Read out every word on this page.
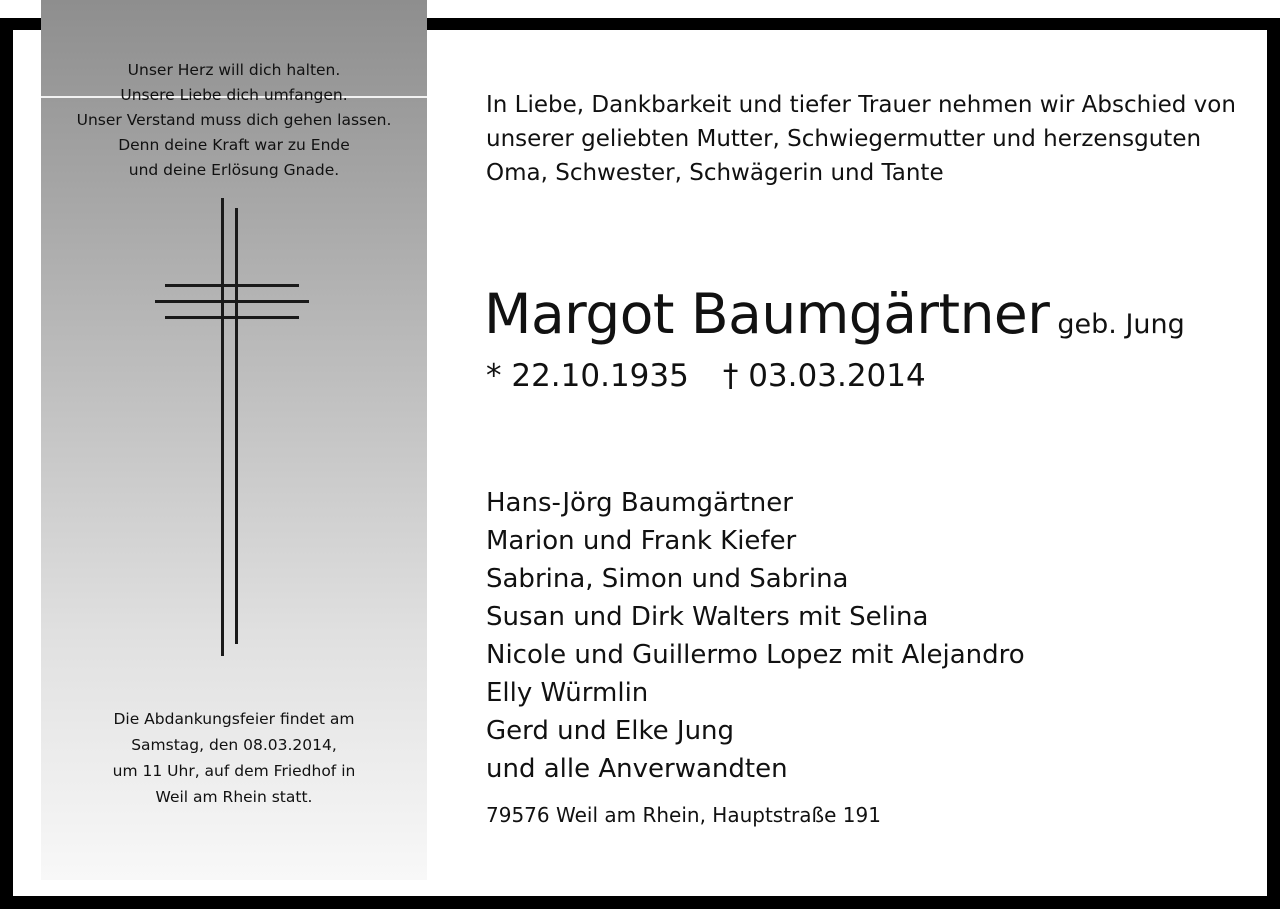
Unser Herz will dich halten.
Unsere Liebe dich umfangen.
Unser Verstand muss dich gehen lassen.
Denn deine Kraft war zu Ende
und deine Erlösung Gnade.
Die Abdankungsfeier findet am
Samstag, den 08.03.2014,
um 11 Uhr, auf dem Friedhof in
Weil am Rhein statt.
In Liebe, Dankbarkeit und tiefer Trauer nehmen wir Abschied von unserer geliebten Mutter, Schwiegermutter und herzensguten Oma, Schwester, Schwägerin und Tante
Margot Baumgärtner geb. Jung
* 22.10.1935 † 03.03.2014
Hans-Jörg Baumgärtner
Marion und Frank Kiefer
Sabrina, Simon und Sabrina
Susan und Dirk Walters mit Selina
Nicole und Guillermo Lopez mit Alejandro
Elly Würmlin
Gerd und Elke Jung
und alle Anverwandten
79576 Weil am Rhein, Hauptstraße 191
